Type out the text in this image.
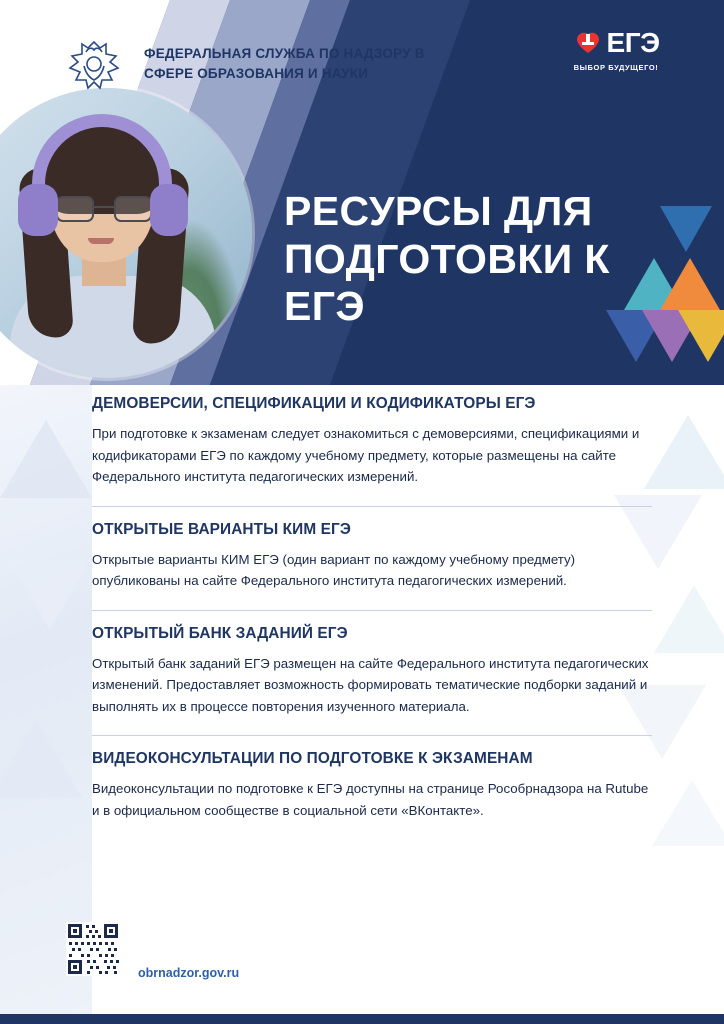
ФЕДЕРАЛЬНАЯ СЛУЖБА ПО НАДЗОРУ В СФЕРЕ ОБРАЗОВАНИЯ И НАУКИ
ЕГЭ
ВЫБОР БУДУЩЕГО!
РЕСУРСЫ ДЛЯ ПОДГОТОВКИ К ЕГЭ
ДЕМОВЕРСИИ, СПЕЦИФИКАЦИИ И КОДИФИКАТОРЫ ЕГЭ
При подготовке к экзаменам следует ознакомиться с демоверсиями, спецификациями и кодификаторами ЕГЭ по каждому учебному предмету, которые размещены на сайте Федерального института педагогических измерений.
ОТКРЫТЫЕ ВАРИАНТЫ КИМ ЕГЭ
Открытые варианты КИМ ЕГЭ (один вариант по каждому учебному предмету) опубликованы на сайте Федерального института педагогических измерений.
ОТКРЫТЫЙ БАНК ЗАДАНИЙ ЕГЭ
Открытый банк заданий ЕГЭ размещен на сайте Федерального института педагогических изменений. Предоставляет возможность формировать тематические подборки заданий и выполнять их в процессе повторения изученного материала.
ВИДЕОКОНСУЛЬТАЦИИ ПО ПОДГОТОВКЕ К ЭКЗАМЕНАМ
Видеоконсультации по подготовке к ЕГЭ доступны на странице Рособрнадзора на Rutube и в официальном сообществе в социальной сети «ВКонтакте».
obrnadzor.gov.ru
